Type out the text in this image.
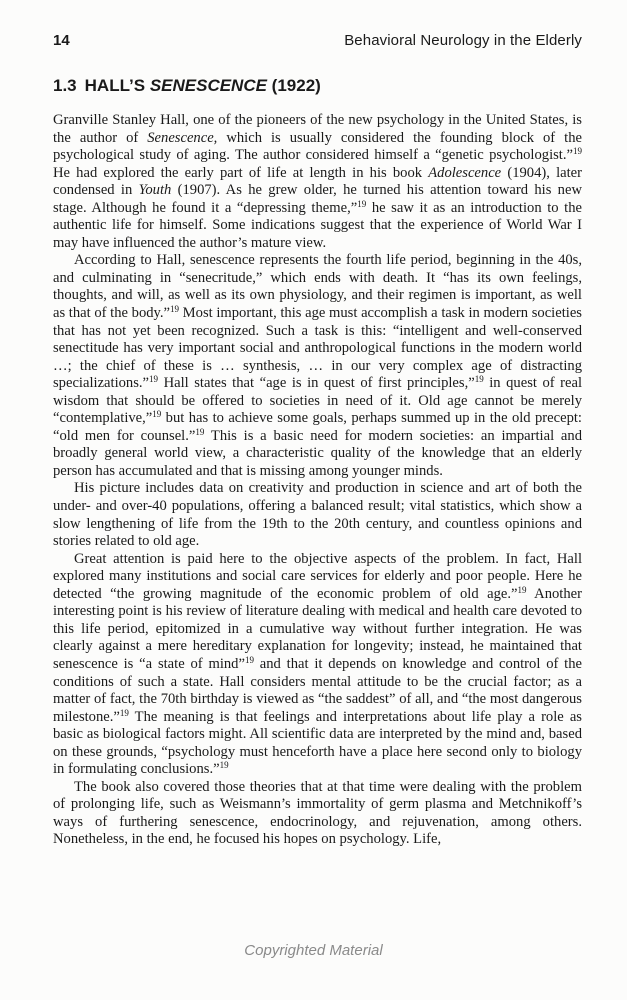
14	Behavioral Neurology in the Elderly
1.3 HALL’S SENESCENCE (1922)

Granville Stanley Hall, one of the pioneers of the new psychology in the United States, is the author of Senescence, which is usually considered the founding block of the psychological study of aging. The author considered himself a “genetic psychologist.”$^{19}$ He had explored the early part of life at length in his book Adolescence (1904), later condensed in Youth (1907). As he grew older, he turned his attention toward his new stage. Although he found it a “depressing theme,”$^{19}$ he saw it as an introduction to the authentic life for himself. Some indications suggest that the experience of World War I may have influenced the author’s mature view.

According to Hall, senescence represents the fourth life period, beginning in the 40s, and culminating in “senecritude,” which ends with death. It “has its own feelings, thoughts, and will, as well as its own physiology, and their regimen is important, as well as that of the body.”$^{19}$ Most important, this age must accomplish a task in modern societies that has not yet been recognized. Such a task is this: “intelligent and well-conserved senectitude has very important social and anthropological functions in the modern world …; the chief of these is … synthesis, … in our very complex age of distracting specializations.”$^{19}$ Hall states that “age is in quest of first principles,”$^{19}$ in quest of real wisdom that should be offered to societies in need of it. Old age cannot be merely “contemplative,”$^{19}$ but has to achieve some goals, perhaps summed up in the old precept: “old men for counsel.”$^{19}$ This is a basic need for modern societies: an impartial and broadly general world view, a characteristic quality of the knowledge that an elderly person has accumulated and that is missing among younger minds.

His picture includes data on creativity and production in science and art of both the under- and over-40 populations, offering a balanced result; vital statistics, which show a slow lengthening of life from the 19th to the 20th century, and countless opinions and stories related to old age.

Great attention is paid here to the objective aspects of the problem. In fact, Hall explored many institutions and social care services for elderly and poor people. Here he detected “the growing magnitude of the economic problem of old age.”$^{19}$ Another interesting point is his review of literature dealing with medical and health care devoted to this life period, epitomized in a cumulative way without further integration. He was clearly against a mere hereditary explanation for longevity; instead, he maintained that senescence is “a state of mind”$^{19}$ and that it depends on knowledge and control of the conditions of such a state. Hall considers mental attitude to be the crucial factor; as a matter of fact, the 70th birthday is viewed as “the saddest” of all, and “the most dangerous milestone.”$^{19}$ The meaning is that feelings and interpretations about life play a role as basic as biological factors might. All scientific data are interpreted by the mind and, based on these grounds, “psychology must henceforth have a place here second only to biology in formulating conclusions.”$^{19}$

The book also covered those theories that at that time were dealing with the problem of prolonging life, such as Weismann’s immortality of germ plasma and Metchnikoff’s ways of furthering senescence, endocrinology, and rejuvenation, among others. Nonetheless, in the end, he focused his hopes on psychology. Life,

Copyrighted Material
